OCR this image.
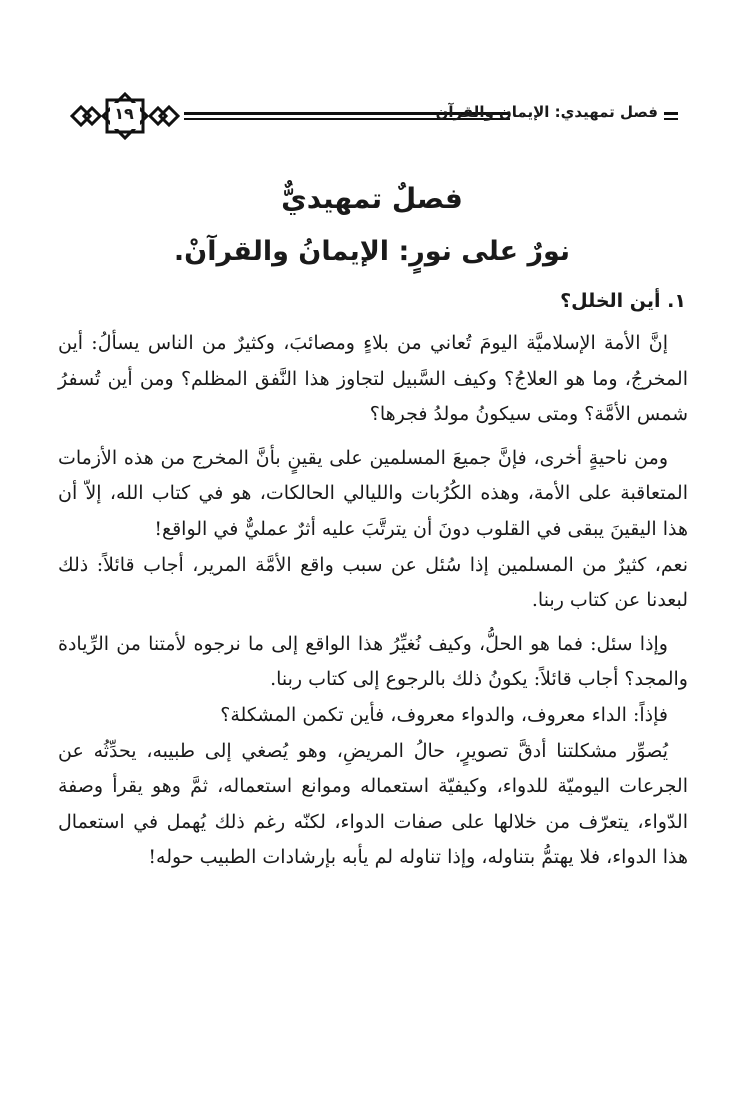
فصل تمهيدي: الإيمان والقرآن
١٩
فصلٌ تمهيديٌّ
نورٌ على نورٍ: الإيمانُ والقرآنْ.
١. أين الخلل؟

إنَّ الأمة الإسلاميَّة اليومَ تُعاني من بلاءٍ ومصائبَ، وكثيرٌ من الناس يسألُ: أين المخرجُ، وما هو العلاجُ؟ وكيف السَّبيل لتجاوز هذا النَّفق المظلم؟ ومن أين تُسفرُ شمس الأمَّة؟ ومتى سيكونُ مولدُ فجرها؟

ومن ناحيةٍ أخرى، فإنَّ جميعَ المسلمين على يقينٍ بأنَّ المخرج من هذه الأزمات المتعاقبة على الأمة، وهذه الكُرُبات والليالي الحالكات، هو في كتاب الله، إلاّ أن هذا اليقينَ يبقى في القلوب دونَ أن يترتَّبَ عليه أثرٌ عمليٌّ في الواقع!

نعم، كثيرٌ من المسلمين إذا سُئل عن سبب واقع الأمَّة المرير، أجاب قائلاً: ذلك لبعدنا عن كتاب ربنا.

وإذا سئل: فما هو الحلُّ، وكيف نُغيِّرُ هذا الواقع إلى ما نرجوه لأمتنا من الرِّيادة والمجد؟ أجاب قائلاً: يكونُ ذلك بالرجوع إلى كتاب ربنا.

فإذاً: الداء معروف، والدواء معروف، فأين تكمن المشكلة؟

يُصوِّر مشكلتنا أدقَّ تصويرٍ، حالُ المريضِ، وهو يُصغي إلى طبيبه، يحدِّثُه عن الجرعات اليوميّة للدواء، وكيفيّة استعماله وموانع استعماله، ثمَّ وهو يقرأ وصفة الدّواء، يتعرّف من خلالها على صفات الدواء، لكنّه رغم ذلك يُهمل في استعمال هذا الدواء، فلا يهتمُّ بتناوله، وإذا تناوله لم يأبه بإرشادات الطبيب حوله!
